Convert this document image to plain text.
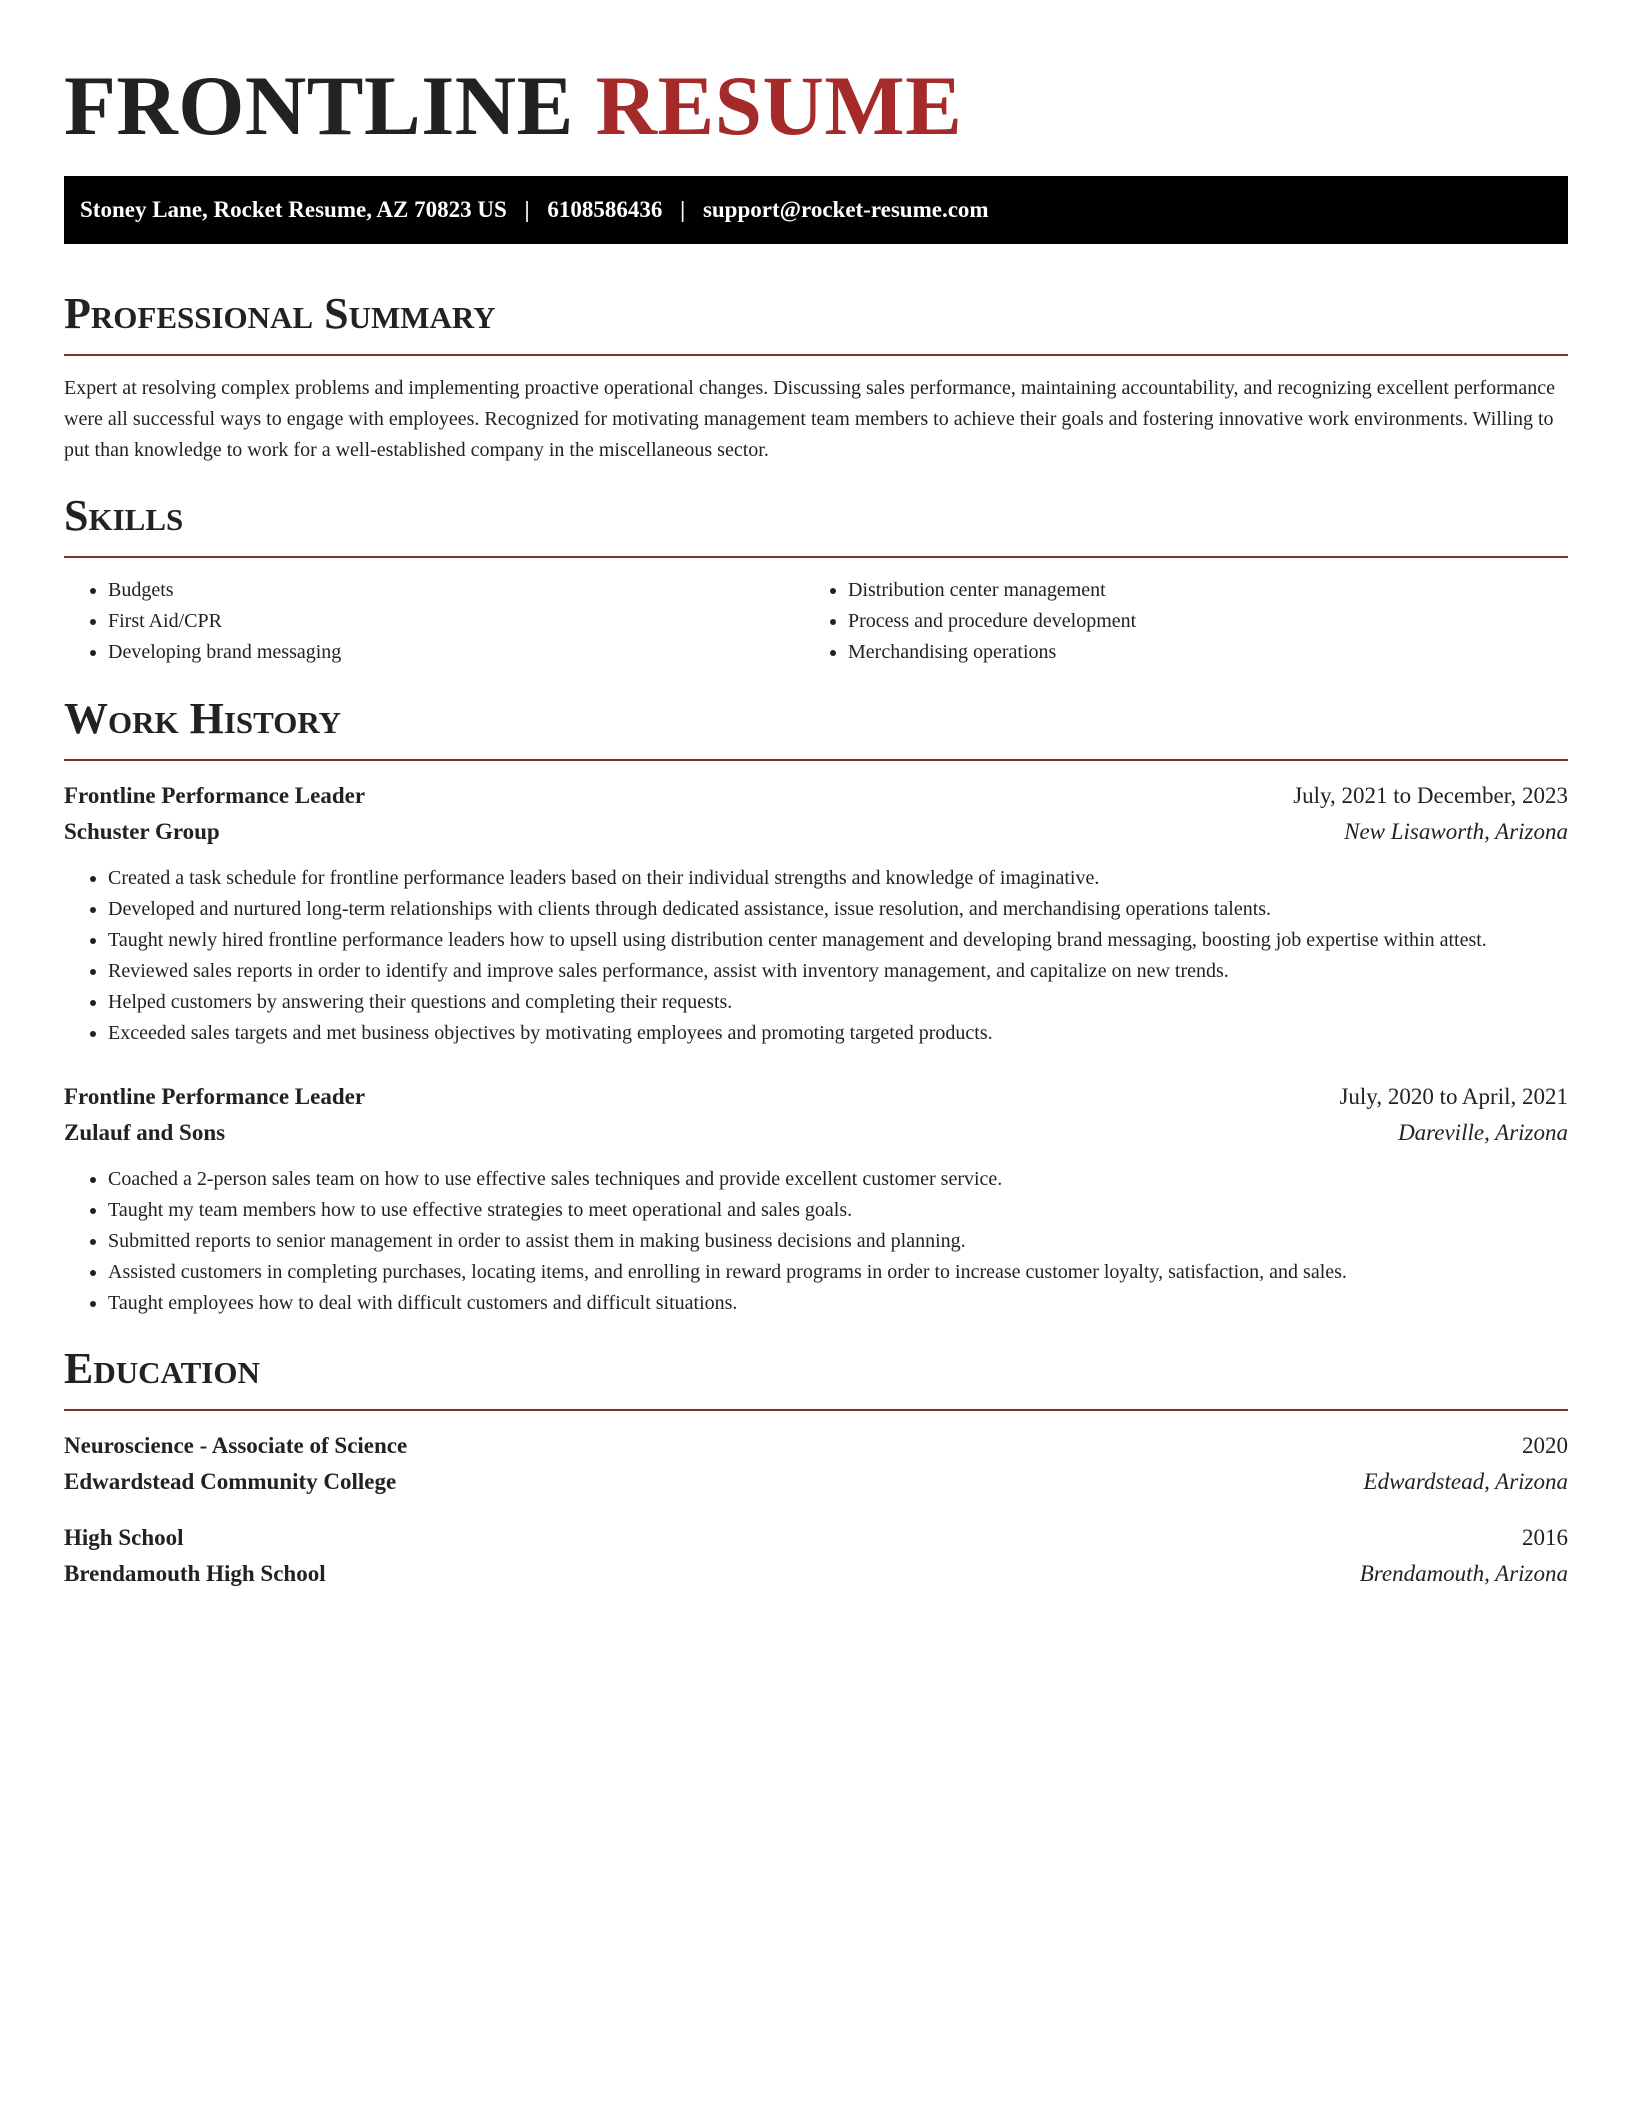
FRONTLINE RESUME
Stoney Lane, Rocket Resume, AZ 70823 US | 6108586436 | support@rocket-resume.com
Professional Summary
Expert at resolving complex problems and implementing proactive operational changes. Discussing sales performance, maintaining accountability, and recognizing excellent performance were all successful ways to engage with employees. Recognized for motivating management team members to achieve their goals and fostering innovative work environments. Willing to put than knowledge to work for a well-established company in the miscellaneous sector.
Skills
• Budgets
• First Aid/CPR
• Developing brand messaging
• Distribution center management
• Process and procedure development
• Merchandising operations
Work History
Frontline Performance Leader	July, 2021 to December, 2023
Schuster Group	New Lisaworth, Arizona
• Created a task schedule for frontline performance leaders based on their individual strengths and knowledge of imaginative.
• Developed and nurtured long-term relationships with clients through dedicated assistance, issue resolution, and merchandising operations talents.
• Taught newly hired frontline performance leaders how to upsell using distribution center management and developing brand messaging, boosting job expertise within attest.
• Reviewed sales reports in order to identify and improve sales performance, assist with inventory management, and capitalize on new trends.
• Helped customers by answering their questions and completing their requests.
• Exceeded sales targets and met business objectives by motivating employees and promoting targeted products.
Frontline Performance Leader	July, 2020 to April, 2021
Zulauf and Sons	Dareville, Arizona
• Coached a 2-person sales team on how to use effective sales techniques and provide excellent customer service.
• Taught my team members how to use effective strategies to meet operational and sales goals.
• Submitted reports to senior management in order to assist them in making business decisions and planning.
• Assisted customers in completing purchases, locating items, and enrolling in reward programs in order to increase customer loyalty, satisfaction, and sales.
• Taught employees how to deal with difficult customers and difficult situations.
Education
Neuroscience - Associate of Science	2020
Edwardstead Community College	Edwardstead, Arizona
High School	2016
Brendamouth High School	Brendamouth, Arizona
